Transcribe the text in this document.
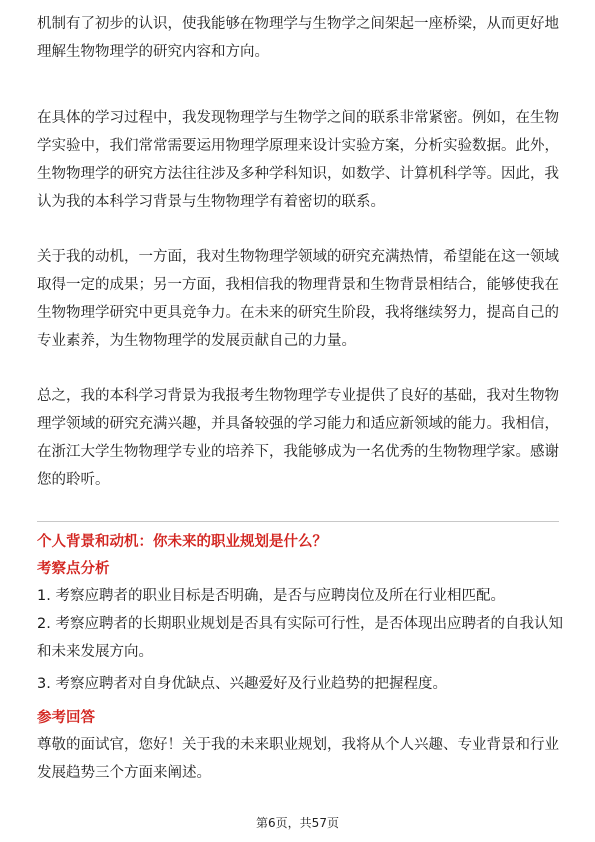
机制有了初步的认识，使我能够在物理学与生物学之间架起一座桥梁，从而更好地
理解生物物理学的研究内容和方向。
在具体的学习过程中，我发现物理学与生物学之间的联系非常紧密。例如，在生物
学实验中，我们常常需要运用物理学原理来设计实验方案，分析实验数据。此外，
生物物理学的研究方法往往涉及多种学科知识，如数学、计算机科学等。因此，我
认为我的本科学习背景与生物物理学有着密切的联系。
关于我的动机，一方面，我对生物物理学领域的研究充满热情，希望能在这一领域
取得一定的成果；另一方面，我相信我的物理背景和生物背景相结合，能够使我在
生物物理学研究中更具竞争力。在未来的研究生阶段，我将继续努力，提高自己的
专业素养，为生物物理学的发展贡献自己的力量。
总之，我的本科学习背景为我报考生物物理学专业提供了良好的基础，我对生物物
理学领域的研究充满兴趣，并具备较强的学习能力和适应新领域的能力。我相信，
在浙江大学生物物理学专业的培养下，我能够成为一名优秀的生物物理学家。感谢
您的聆听。
个人背景和动机：你未来的职业规划是什么？
考察点分析
1. 考察应聘者的职业目标是否明确，是否与应聘岗位及所在行业相匹配。
2. 考察应聘者的长期职业规划是否具有实际可行性，是否体现出应聘者的自我认知
和未来发展方向。
3. 考察应聘者对自身优缺点、兴趣爱好及行业趋势的把握程度。
参考回答
尊敬的面试官，您好！关于我的未来职业规划，我将从个人兴趣、专业背景和行业
发展趋势三个方面来阐述。
第6页，共57页
